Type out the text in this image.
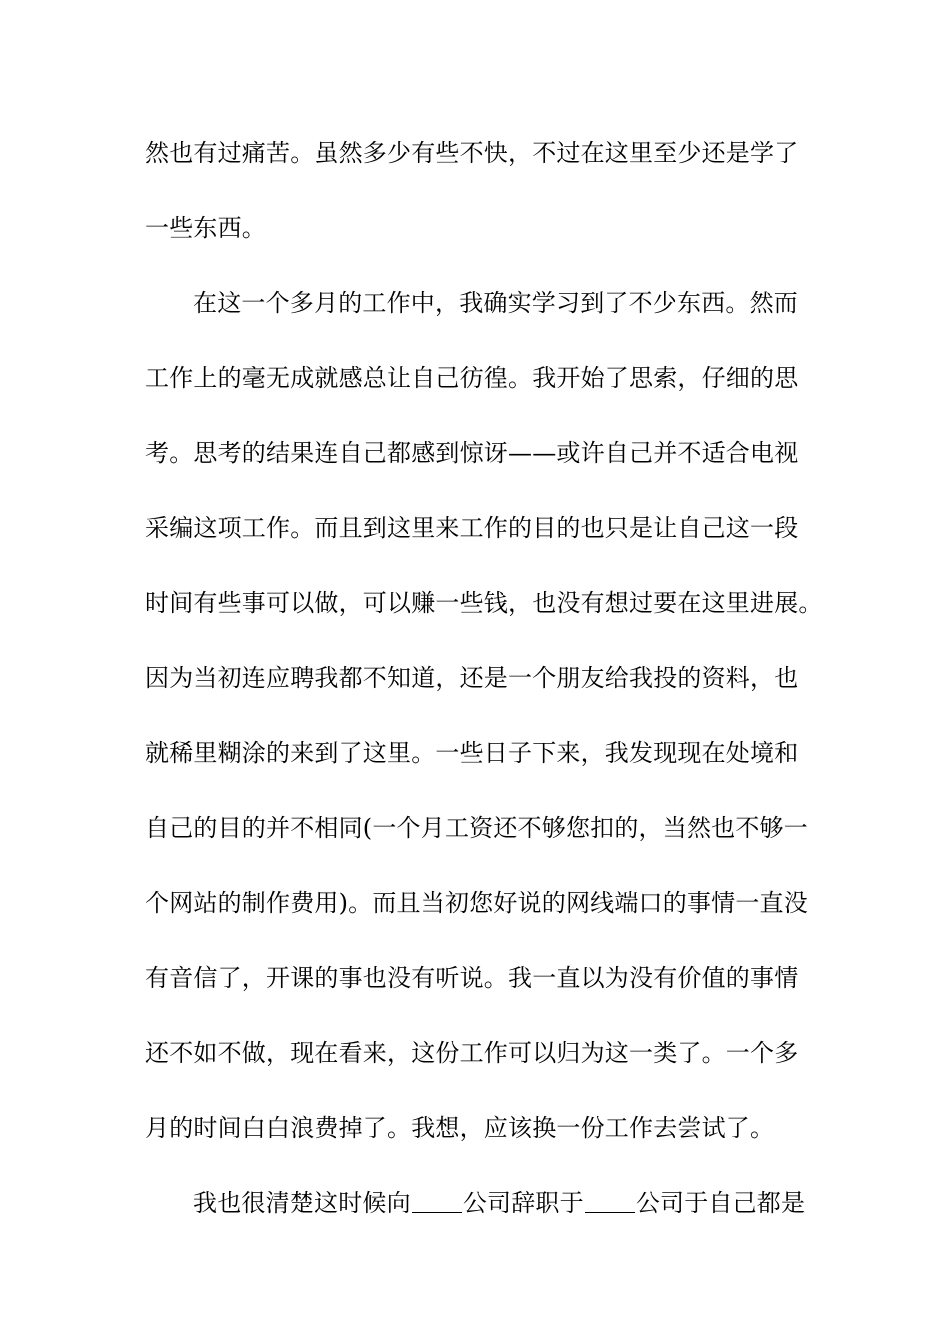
然也有过痛苦。虽然多少有些不快，不过在这里至少还是学了
一些东西。
在这一个多月的工作中，我确实学习到了不少东西。然而
工作上的毫无成就感总让自己彷徨。我开始了思索，仔细的思
考。思考的结果连自己都感到惊讶——或许自己并不适合电视
采编这项工作。而且到这里来工作的目的也只是让自己这一段
时间有些事可以做，可以赚一些钱，也没有想过要在这里进展。
因为当初连应聘我都不知道，还是一个朋友给我投的资料，也
就稀里糊涂的来到了这里。一些日子下来，我发现现在处境和
自己的目的并不相同(一个月工资还不够您扣的，当然也不够一
个网站的制作费用)。而且当初您好说的网线端口的事情一直没
有音信了，开课的事也没有听说。我一直以为没有价值的事情
还不如不做，现在看来，这份工作可以归为这一类了。一个多
月的时间白白浪费掉了。我想，应该换一份工作去尝试了。
我也很清楚这时候向 公司辞职于 公司于自己都是
